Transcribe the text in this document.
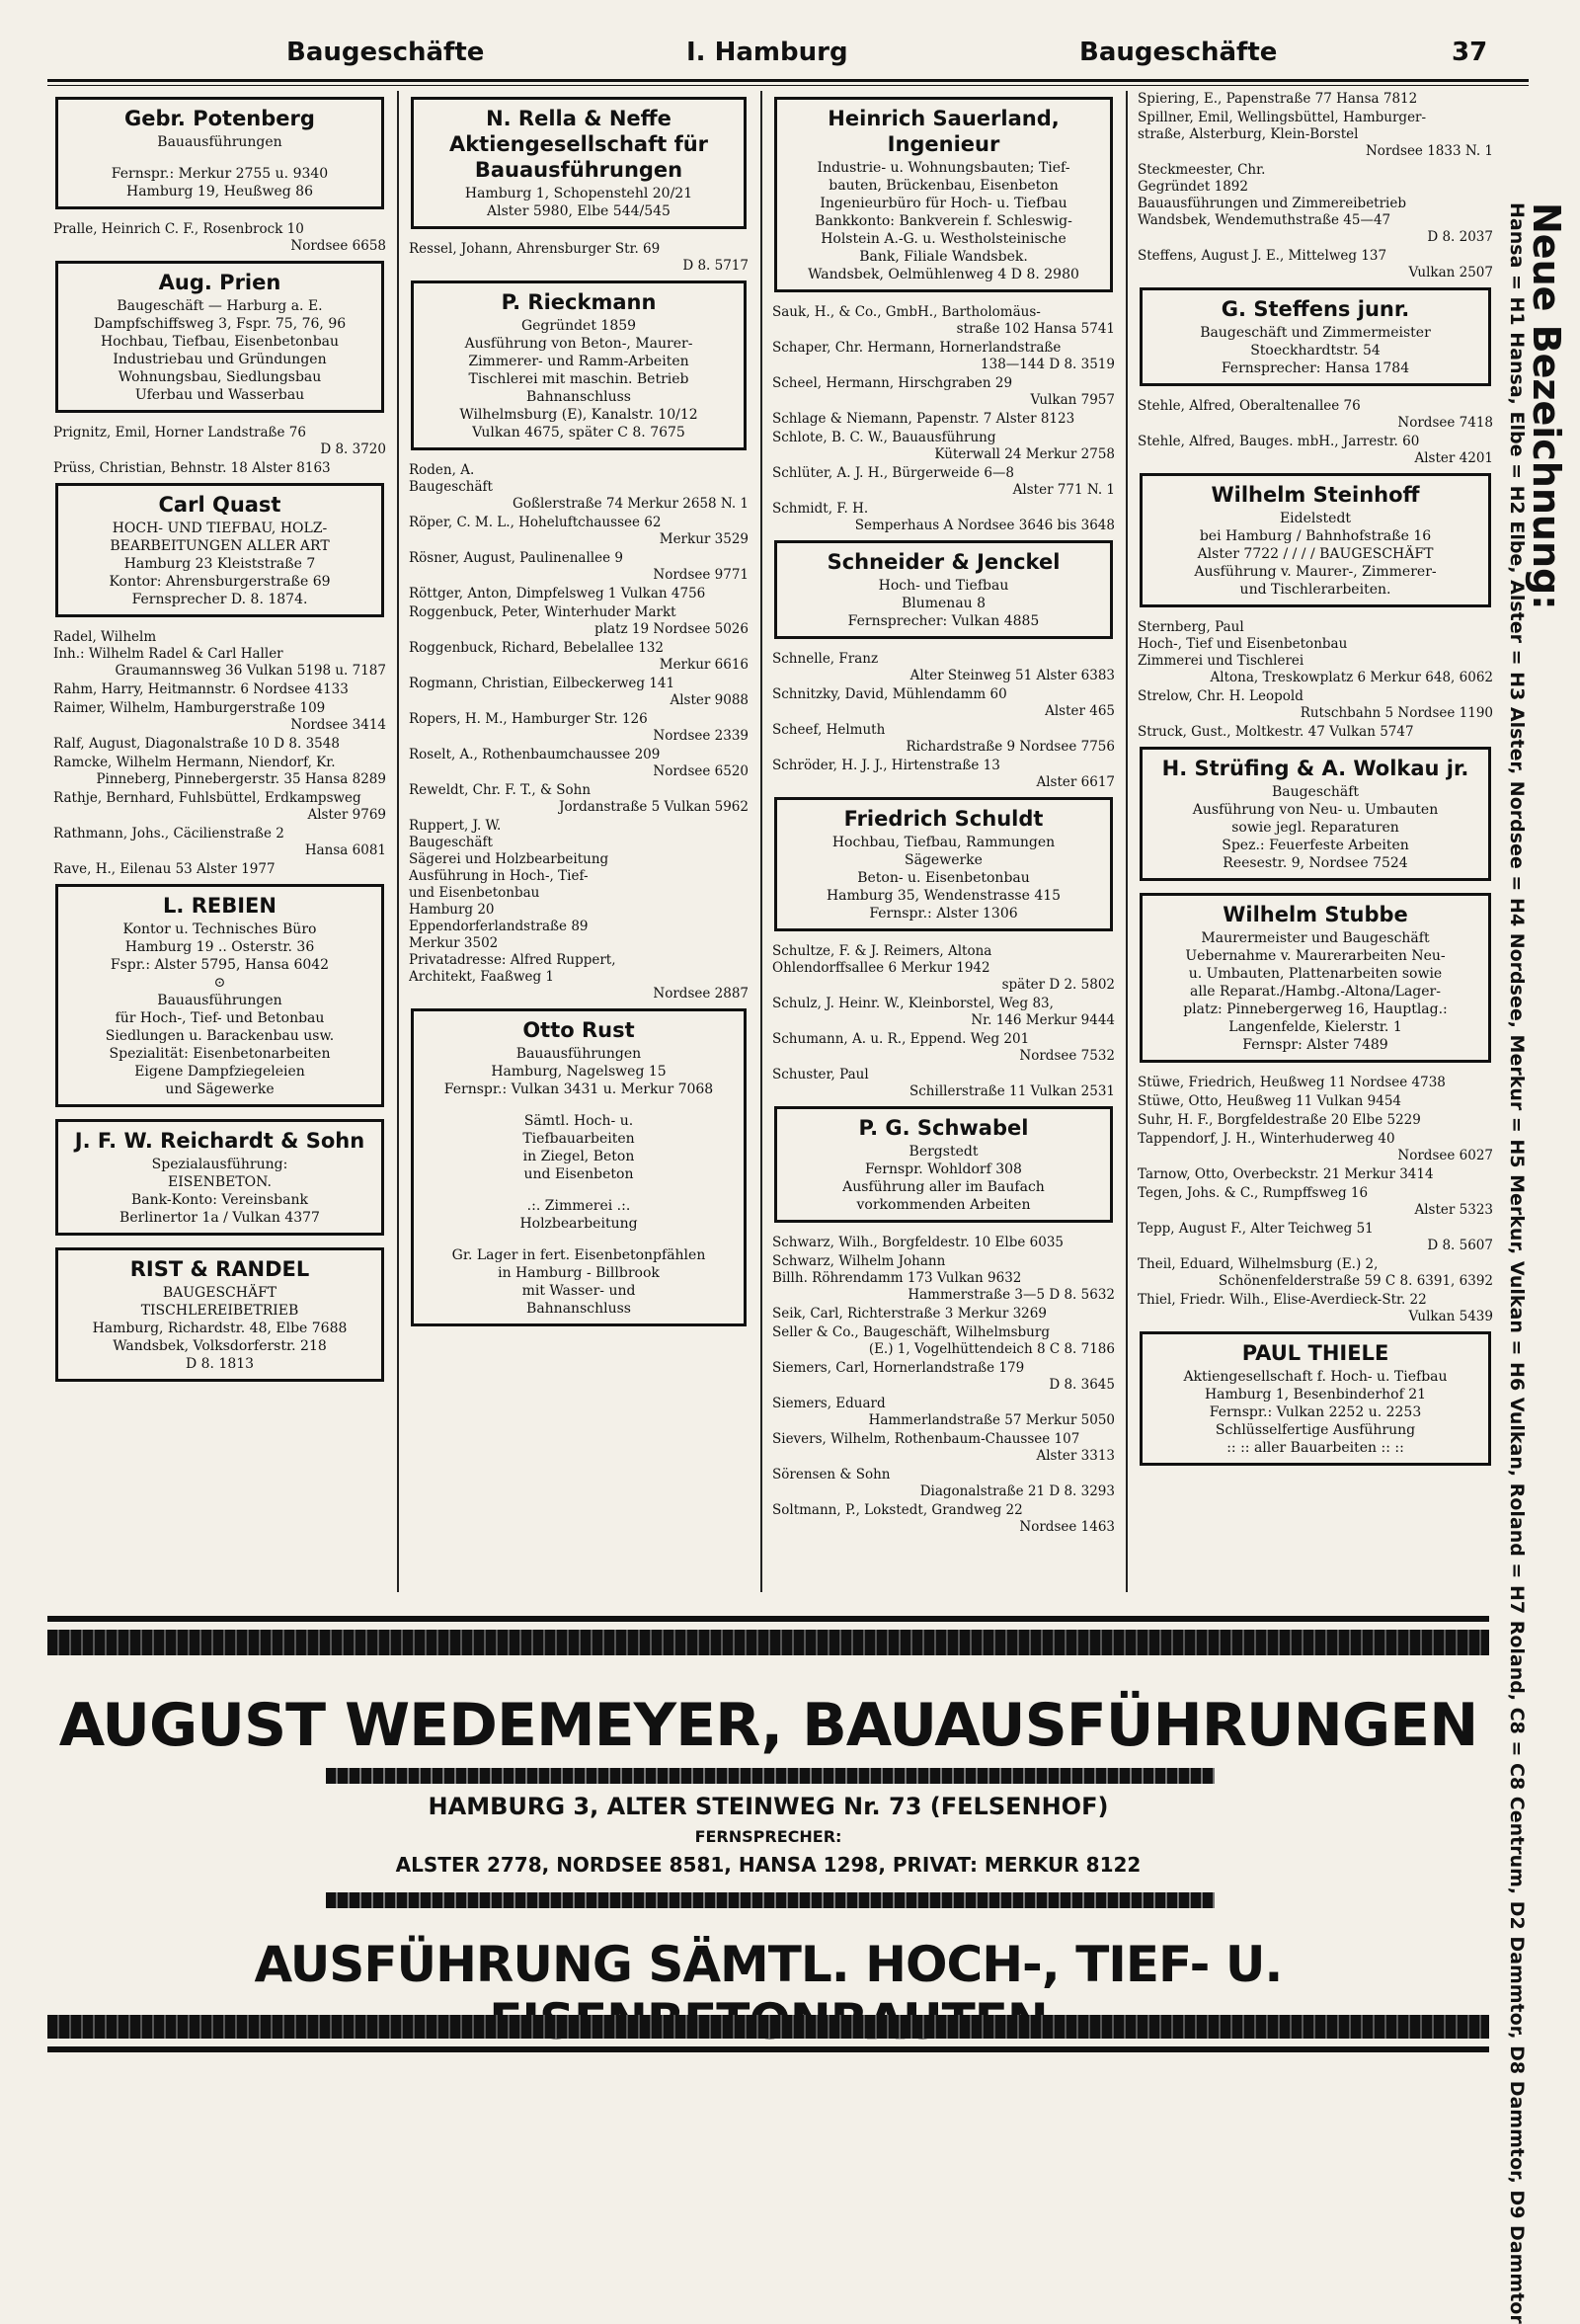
Baugeschäfte	I. Hamburg	Baugeschäfte	37
Gebr. Potenberg
Bauausführungen
Fernspr.: Merkur 2755 u. 9340
Hamburg 19, Heußweg 86
Pralle, Heinrich C. F., Rosenbrock 10
Nordsee 6658
Aug. Prien
Baugeschäft — Harburg a. E.
Dampfschiffsweg 3, Fspr. 75, 76, 96
Hochbau, Tiefbau, Eisenbetonbau
Industriebau und Gründungen
Wohnungsbau, Siedlungsbau
Uferbau und Wasserbau
Prignitz, Emil, Horner Landstraße 76
D 8. 3720
Prüss, Christian, Behnstr. 18 Alster 8163
Carl Quast
HOCH- UND TIEFBAU, HOLZ-
BEARBEITUNGEN ALLER ART
Hamburg 23 Kleiststraße 7
Kontor: Ahrensburgerstraße 69
Fernsprecher D. 8. 1874.
Radel, Wilhelm
Inh.: Wilhelm Radel & Carl Haller
Graumannsweg 36 Vulkan 5198 u. 7187
Rahm, Harry, Heitmannstr. 6 Nordsee 4133
Raimer, Wilhelm, Hamburgerstraße 109
Nordsee 3414
Ralf, August, Diagonalstraße 10 D 8. 3548
Ramcke, Wilhelm Hermann, Niendorf, Kr.
Pinneberg, Pinnebergerstr. 35 Hansa 8289
Rathje, Bernhard, Fuhlsbüttel, Erdkampsweg
Alster 9769
Rathmann, Johs., Cäcilienstraße 2
Hansa 6081
Rave, H., Eilenau 53 Alster 1977
L. REBIEN
Kontor u. Technisches Büro
Hamburg 19 .. Osterstr. 36
Fspr.: Alster 5795, Hansa 6042
⊙
Bauausführungen
für Hoch-, Tief- und Betonbau
Siedlungen u. Barackenbau usw.
Spezialität: Eisenbetonarbeiten
Eigene Dampfziegeleien
und Sägewerke
J. F. W. Reichardt & Sohn
Spezialausführung:
EISENBETON.
Bank-Konto: Vereinsbank
Berlinertor 1a / Vulkan 4377
RIST & RANDEL
BAUGESCHÄFT
TISCHLEREIBETRIEB
Hamburg, Richardstr. 48, Elbe 7688
Wandsbek, Volksdorferstr. 218
D 8. 1813
N. Rella & Neffe Aktiengesellschaft für Bauausführungen
Hamburg 1, Schopenstehl 20/21
Alster 5980, Elbe 544/545
Ressel, Johann, Ahrensburger Str. 69
D 8. 5717
P. Rieckmann
Gegründet 1859
Ausführung von Beton-, Maurer-
Zimmerer- und Ramm-Arbeiten
Tischlerei mit maschin. Betrieb
Bahnanschluss
Wilhelmsburg (E), Kanalstr. 10/12
Vulkan 4675, später C 8. 7675
Roden, A.
Baugeschäft
Goßlerstraße 74 Merkur 2658 N. 1
Röper, C. M. L., Hoheluftchaussee 62
Merkur 3529
Rösner, August, Paulinenallee 9
Nordsee 9771
Röttger, Anton, Dimpfelsweg 1 Vulkan 4756
Roggenbuck, Peter, Winterhuder Markt
platz 19 Nordsee 5026
Roggenbuck, Richard, Bebelallee 132
Merkur 6616
Rogmann, Christian, Eilbeckerweg 141
Alster 9088
Ropers, H. M., Hamburger Str. 126
Nordsee 2339
Roselt, A., Rothenbaumchaussee 209
Nordsee 6520
Reweldt, Chr. F. T., & Sohn
Jordanstraße 5 Vulkan 5962
Ruppert, J. W.
Baugeschäft
Sägerei und Holzbearbeitung
Ausführung in Hoch-, Tief-
und Eisenbetonbau
Hamburg 20
Eppendorferlandstraße 89
Merkur 3502
Privatadresse: Alfred Ruppert,
Architekt, Faaßweg 1
Nordsee 2887
Otto Rust
Bauausführungen
Hamburg, Nagelsweg 15
Fernspr.: Vulkan 3431 u. Merkur 7068
Sämtl. Hoch- u.
Tiefbauarbeiten
in Ziegel, Beton
und Eisenbeton
.:. Zimmerei .:.
Holzbearbeitung
Gr. Lager in fert. Eisenbetonpfählen
in Hamburg - Billbrook
mit Wasser- und
Bahnanschluss
Heinrich Sauerland, Ingenieur
Industrie- u. Wohnungsbauten; Tief-
bauten, Brückenbau, Eisenbeton
Ingenieurbüro für Hoch- u. Tiefbau
Bankkonto: Bankverein f. Schleswig-
Holstein A.-G. u. Westholsteinische
Bank, Filiale Wandsbek.
Wandsbek, Oelmühlenweg 4 D 8. 2980
Sauk, H., & Co., GmbH., Bartholomäus-
straße 102 Hansa 5741
Schaper, Chr. Hermann, Hornerlandstraße
138—144 D 8. 3519
Scheel, Hermann, Hirschgraben 29
Vulkan 7957
Schlage & Niemann, Papenstr. 7 Alster 8123
Schlote, B. C. W., Bauausführung
Küterwall 24 Merkur 2758
Schlüter, A. J. H., Bürgerweide 6—8
Alster 771 N. 1
Schmidt, F. H.
Semperhaus A Nordsee 3646 bis 3648
Schneider & Jenckel
Hoch- und Tiefbau
Blumenau 8
Fernsprecher: Vulkan 4885
Schnelle, Franz
Alter Steinweg 51 Alster 6383
Schnitzky, David, Mühlendamm 60
Alster 465
Scheef, Helmuth
Richardstraße 9 Nordsee 7756
Schröder, H. J. J., Hirtenstraße 13
Alster 6617
Friedrich Schuldt
Hochbau, Tiefbau, Rammungen
Sägewerke
Beton- u. Eisenbetonbau
Hamburg 35, Wendenstrasse 415
Fernspr.: Alster 1306
Schultze, F. & J. Reimers, Altona
Ohlendorffsallee 6 Merkur 1942
später D 2. 5802
Schulz, J. Heinr. W., Kleinborstel, Weg 83,
Nr. 146 Merkur 9444
Schumann, A. u. R., Eppend. Weg 201
Nordsee 7532
Schuster, Paul
Schillerstraße 11 Vulkan 2531
P. G. Schwabel
Bergstedt
Fernspr. Wohldorf 308
Ausführung aller im Baufach
vorkommenden Arbeiten
Schwarz, Wilh., Borgfeldestr. 10 Elbe 6035
Schwarz, Wilhelm Johann
Billh. Röhrendamm 173 Vulkan 9632
Hammerstraße 3—5 D 8. 5632
Seik, Carl, Richterstraße 3 Merkur 3269
Seller & Co., Baugeschäft, Wilhelmsburg
(E.) 1, Vogelhüttendeich 8 C 8. 7186
Siemers, Carl, Hornerlandstraße 179
D 8. 3645
Siemers, Eduard
Hammerlandstraße 57 Merkur 5050
Sievers, Wilhelm, Rothenbaum-Chaussee 107
Alster 3313
Sörensen & Sohn
Diagonalstraße 21 D 8. 3293
Soltmann, P., Lokstedt, Grandweg 22
Nordsee 1463
Spiering, E., Papenstraße 77 Hansa 7812
Spillner, Emil, Wellingsbüttel, Hamburger-
straße, Alsterburg, Klein-Borstel
Nordsee 1833 N. 1
Steckmeester, Chr.
Gegründet 1892
Bauausführungen und Zimmereibetrieb
Wandsbek, Wendemuthstraße 45—47
D 8. 2037
Steffens, August J. E., Mittelweg 137
Vulkan 2507
G. Steffens junr.
Baugeschäft und Zimmermeister
Stoeckhardtstr. 54
Fernsprecher: Hansa 1784
Stehle, Alfred, Oberaltenallee 76
Nordsee 7418
Stehle, Alfred, Bauges. mbH., Jarrestr. 60
Alster 4201
Wilhelm Steinhoff
Eidelstedt
bei Hamburg / Bahnhofstraße 16
Alster 7722 / / / / BAUGESCHÄFT
Ausführung v. Maurer-, Zimmerer-
und Tischlerarbeiten.
Sternberg, Paul
Hoch-, Tief und Eisenbetonbau
Zimmerei und Tischlerei
Altona, Treskowplatz 6 Merkur 648, 6062
Strelow, Chr. H. Leopold
Rutschbahn 5 Nordsee 1190
Struck, Gust., Moltkestr. 47 Vulkan 5747
H. Strüfing & A. Wolkau jr.
Baugeschäft
Ausführung von Neu- u. Umbauten
sowie jegl. Reparaturen
Spez.: Feuerfeste Arbeiten
Reesestr. 9, Nordsee 7524
Wilhelm Stubbe
Maurermeister und Baugeschäft
Uebernahme v. Maurerarbeiten Neu-
u. Umbauten, Plattenarbeiten sowie
alle Reparat./Hambg.-Altona/Lager-
platz: Pinnebergerweg 16, Hauptlag.:
Langenfelde, Kielerstr. 1
Fernspr: Alster 7489
Stüwe, Friedrich, Heußweg 11 Nordsee 4738
Stüwe, Otto, Heußweg 11 Vulkan 9454
Suhr, H. F., Borgfeldestraße 20 Elbe 5229
Tappendorf, J. H., Winterhuderweg 40
Nordsee 6027
Tarnow, Otto, Overbeckstr. 21 Merkur 3414
Tegen, Johs. & C., Rumpffsweg 16
Alster 5323
Tepp, August F., Alter Teichweg 51
D 8. 5607
Theil, Eduard, Wilhelmsburg (E.) 2,
Schönenfelderstraße 59 C 8. 6391, 6392
Thiel, Friedr. Wilh., Elise-Averdieck-Str. 22
Vulkan 5439
PAUL THIELE
Aktiengesellschaft f. Hoch- u. Tiefbau
Hamburg 1, Besenbinderhof 21
Fernspr.: Vulkan 2252 u. 2253
Schlüsselfertige Ausführung
:: :: aller Bauarbeiten :: ::
Neue Bezeichnung:
Hansa = H1 Hansa, Elbe = H2 Elbe, Alster = H3 Alster, Nordsee = H4 Nordsee, Merkur = H5 Merkur, Vulkan = H6 Vulkan, Roland = H7 Roland, C8 = C8 Centrum, D2 Dammtor, D8 Dammtor, D9 Dammtor
AUGUST WEDEMEYER, BAUAUSFÜHRUNGEN
HAMBURG 3, ALTER STEINWEG Nr. 73 (FELSENHOF)
FERNSPRECHER:
ALSTER 2778, NORDSEE 8581, HANSA 1298, PRIVAT: MERKUR 8122
AUSFÜHRUNG SÄMTL. HOCH-, TIEF- U.
